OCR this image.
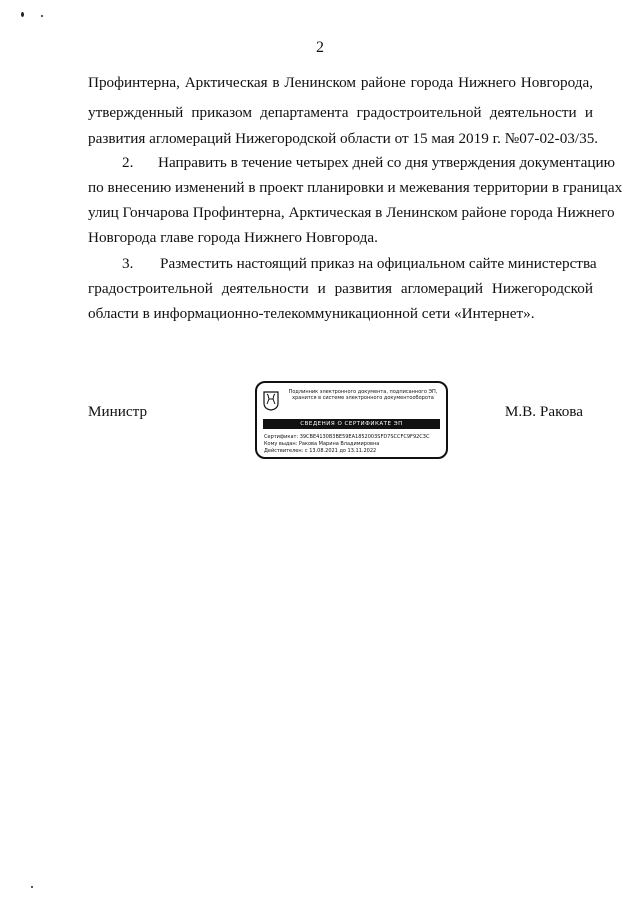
2
Профинтерна, Арктическая в Ленинском районе города Нижнего Новгорода,
утвержденный приказом департамента градостроительной деятельности и
развития агломераций Нижегородской области от 15 мая 2019 г. №07-02-03/35.
2. Направить в течение четырех дней со дня утверждения документацию
по внесению изменений в проект планировки и межевания территории в границах
улиц Гончарова Профинтерна, Арктическая в Ленинском районе города Нижнего
Новгорода главе города Нижнего Новгорода.
3. Разместить настоящий приказ на официальном сайте министерства
градостроительной деятельности и развития агломераций Нижегородской
области в информационно-телекоммуникационной сети «Интернет».
Министр	М.В. Ракова
Подлинник электронного документа, подписанного ЭП,
хранится в системе электронного документооборота
СВЕДЕНИЯ О СЕРТИФИКАТЕ ЭП
Сертификат: 39CBE4130B3BE59EA1852003SFD7SCCFC9F92C3C
Кому выдан: Ракова Марина Владимировна
Действителен: с 13.08.2021 до 13.11.2022
